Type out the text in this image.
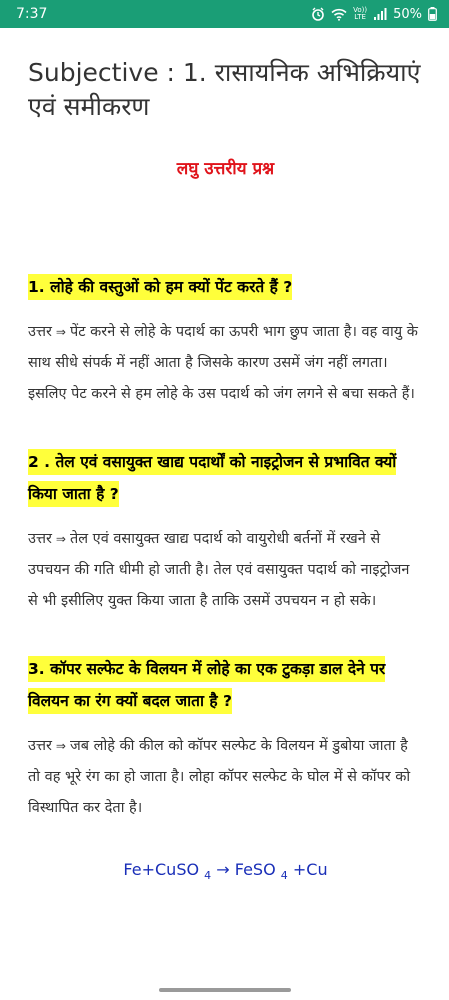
7:37	Vo))
LTE 50%
Subjective : 1. रासायनिक अभिक्रियाएं एवं समीकरण
लघु उत्तरीय प्रश्न
1. लोहे की वस्तुओं को हम क्यों पेंट करते हैं ?
उत्तर ⇒ पेंट करने से लोहे के पदार्थ का ऊपरी भाग छुप जाता है। वह वायु के साथ सीधे संपर्क में नहीं आता है जिसके कारण उसमें जंग नहीं लगता। इसलिए पेट करने से हम लोहे के उस पदार्थ को जंग लगने से बचा सकते हैं।
2 . तेल एवं वसायुक्त खाद्य पदार्थों को नाइट्रोजन से प्रभावित क्यों किया जाता है ?
उत्तर ⇒ तेल एवं वसायुक्त खाद्य पदार्थ को वायुरोधी बर्तनों में रखने से उपचयन की गति धीमी हो जाती है। तेल एवं वसायुक्त पदार्थ को नाइट्रोजन से भी इसीलिए युक्त किया जाता है ताकि उसमें उपचयन न हो सके।
3. कॉपर सल्फेट के विलयन में लोहे का एक टुकड़ा डाल देने पर विलयन का रंग क्यों बदल जाता है ?
उत्तर ⇒ जब लोहे की कील को कॉपर सल्फेट के विलयन में डुबोया जाता है तो वह भूरे रंग का हो जाता है। लोहा कॉपर सल्फेट के घोल में से कॉपर को विस्थापित कर देता है।
Fe+CuSO $_4$ → FeSO $_4$ +Cu
